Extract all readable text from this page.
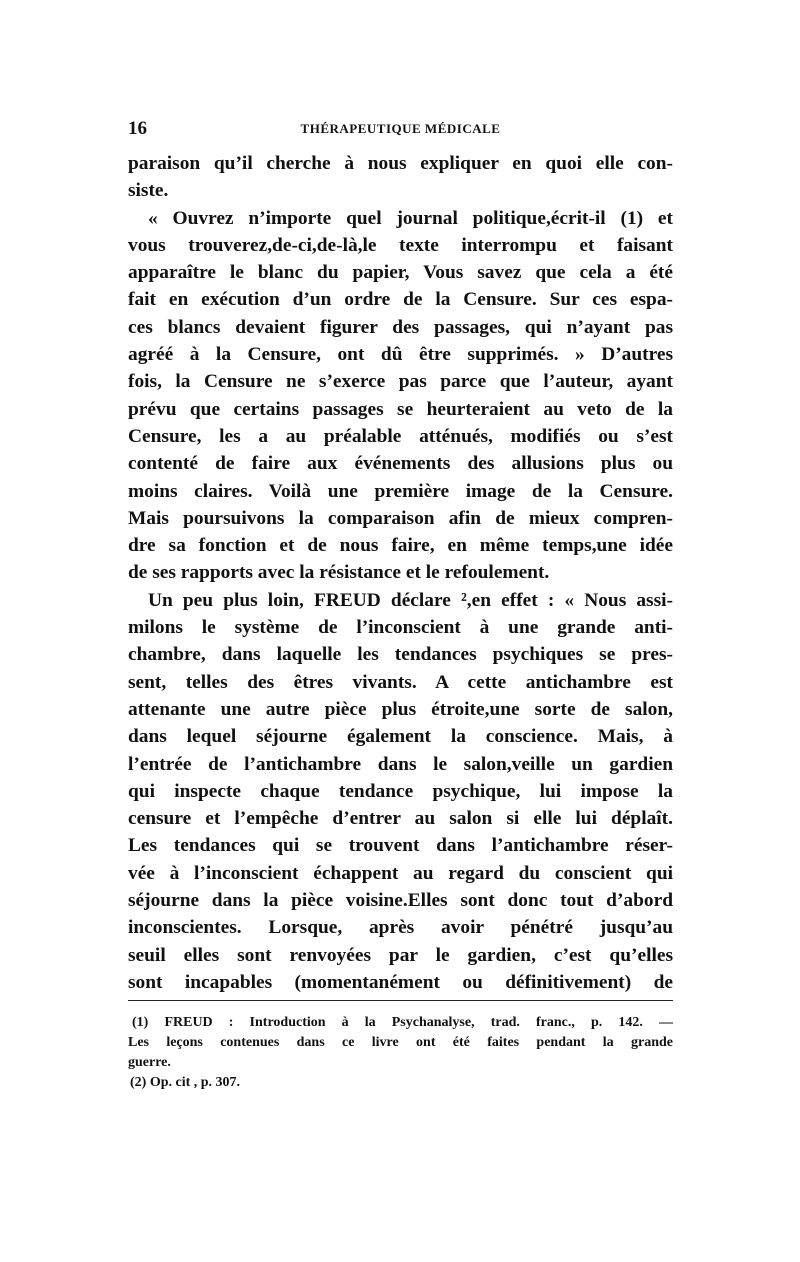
16	THÉRAPEUTIQUE MÉDICALE
paraison qu’il cherche à nous expliquer en quoi elle con-
siste.
« Ouvrez n’importe quel journal politique,écrit-il (1) et
vous trouverez,de-ci,de-là,le texte interrompu et faisant
apparaître le blanc du papier, Vous savez que cela a été
fait en exécution d’un ordre de la Censure. Sur ces espa-
ces blancs devaient figurer des passages, qui n’ayant pas
agréé à la Censure, ont dû être supprimés. » D’autres
fois, la Censure ne s’exerce pas parce que l’auteur, ayant
prévu que certains passages se heurteraient au veto de la
Censure, les a au préalable atténués, modifiés ou s’est
contenté de faire aux événements des allusions plus ou
moins claires. Voilà une première image de la Censure.
Mais poursuivons la comparaison afin de mieux compren-
dre sa fonction et de nous faire, en même temps,une idée
de ses rapports avec la résistance et le refoulement.
Un peu plus loin, FREUD déclare ²,en effet : « Nous assi-
milons le système de l’inconscient à une grande anti-
chambre, dans laquelle les tendances psychiques se pres-
sent, telles des êtres vivants. A cette antichambre est
attenante une autre pièce plus étroite,une sorte de salon,
dans lequel séjourne également la conscience. Mais, à
l’entrée de l’antichambre dans le salon,veille un gardien
qui inspecte chaque tendance psychique, lui impose la
censure et l’empêche d’entrer au salon si elle lui déplaît.
Les tendances qui se trouvent dans l’antichambre réser-
vée à l’inconscient échappent au regard du conscient qui
séjourne dans la pièce voisine.Elles sont donc tout d’abord
inconscientes. Lorsque, après avoir pénétré jusqu’au
seuil elles sont renvoyées par le gardien, c’est qu’elles
sont incapables (momentanément ou définitivement) de
(1) FREUD : Introduction à la Psychanalyse, trad. franc., p. 142. —
Les leçons contenues dans ce livre ont été faites pendant la grande
guerre.
(2) Op. cit , p. 307.
